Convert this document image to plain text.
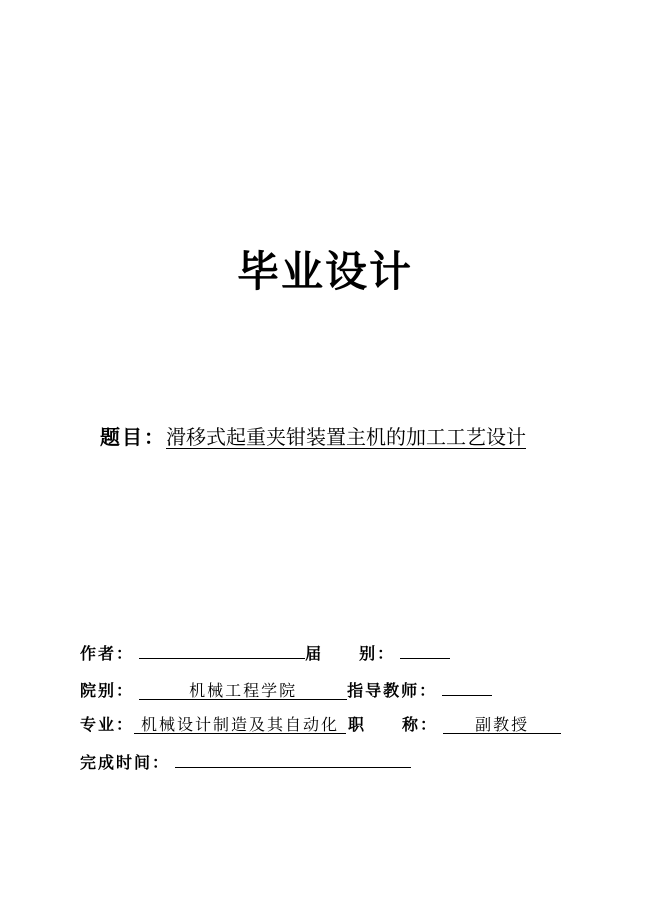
毕业设计
题目：滑移式起重夹钳装置主机的加工工艺设计
作者：	届　　别：
院别：	机械工程学院	指导教师：
专业： 机械设计制造及其自动化 职　　称： 副教授
完成时间：
